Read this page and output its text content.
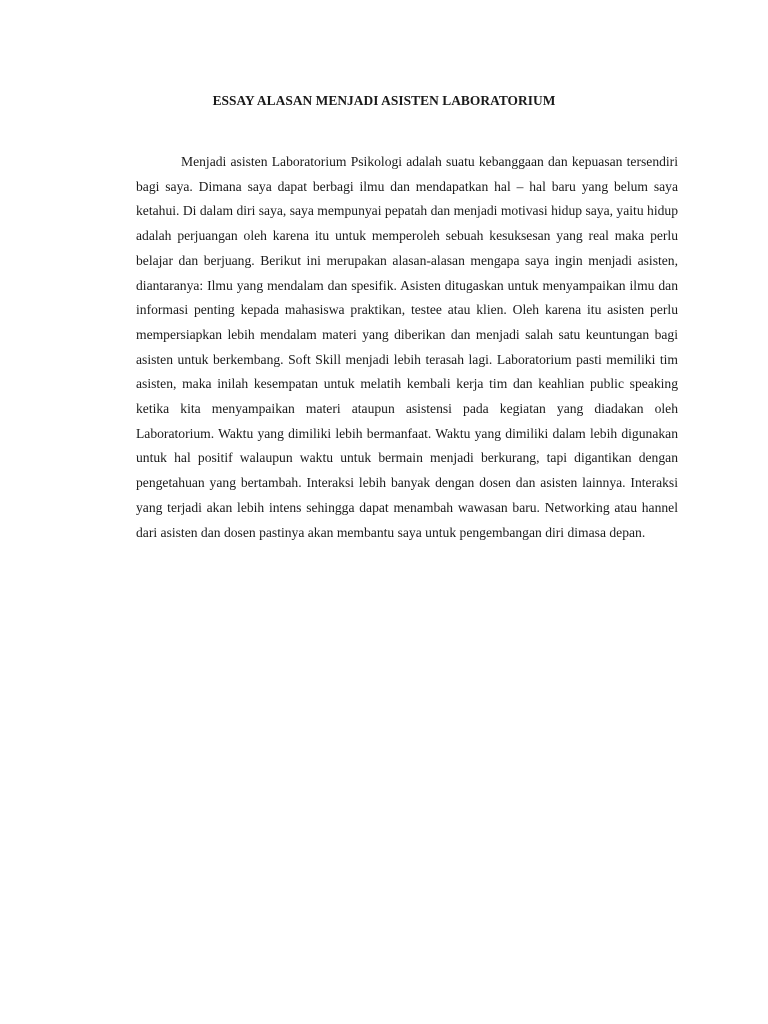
ESSAY ALASAN MENJADI ASISTEN LABORATORIUM

Menjadi asisten Laboratorium Psikologi adalah suatu kebanggaan dan kepuasan tersendiri bagi saya. Dimana saya dapat berbagi ilmu dan mendapatkan hal – hal baru yang belum saya ketahui. Di dalam diri saya, saya mempunyai pepatah dan menjadi motivasi hidup saya, yaitu hidup adalah perjuangan oleh karena itu untuk memperoleh sebuah kesuksesan yang real maka perlu belajar dan berjuang. Berikut ini merupakan alasan-alasan mengapa saya ingin menjadi asisten, diantaranya: Ilmu yang mendalam dan spesifik. Asisten ditugaskan untuk menyampaikan ilmu dan informasi penting kepada mahasiswa praktikan, testee atau klien. Oleh karena itu asisten perlu mempersiapkan lebih mendalam materi yang diberikan dan menjadi salah satu keuntungan bagi asisten untuk berkembang. Soft Skill menjadi lebih terasah lagi. Laboratorium pasti memiliki tim asisten, maka inilah kesempatan untuk melatih kembali kerja tim dan keahlian public speaking ketika kita menyampaikan materi ataupun asistensi pada kegiatan yang diadakan oleh Laboratorium. Waktu yang dimiliki lebih bermanfaat. Waktu yang dimiliki dalam lebih digunakan untuk hal positif walaupun waktu untuk bermain menjadi berkurang, tapi digantikan dengan pengetahuan yang bertambah. Interaksi lebih banyak dengan dosen dan asisten lainnya. Interaksi yang terjadi akan lebih intens sehingga dapat menambah wawasan baru. Networking atau hannel dari asisten dan dosen pastinya akan membantu saya untuk pengembangan diri dimasa depan.
